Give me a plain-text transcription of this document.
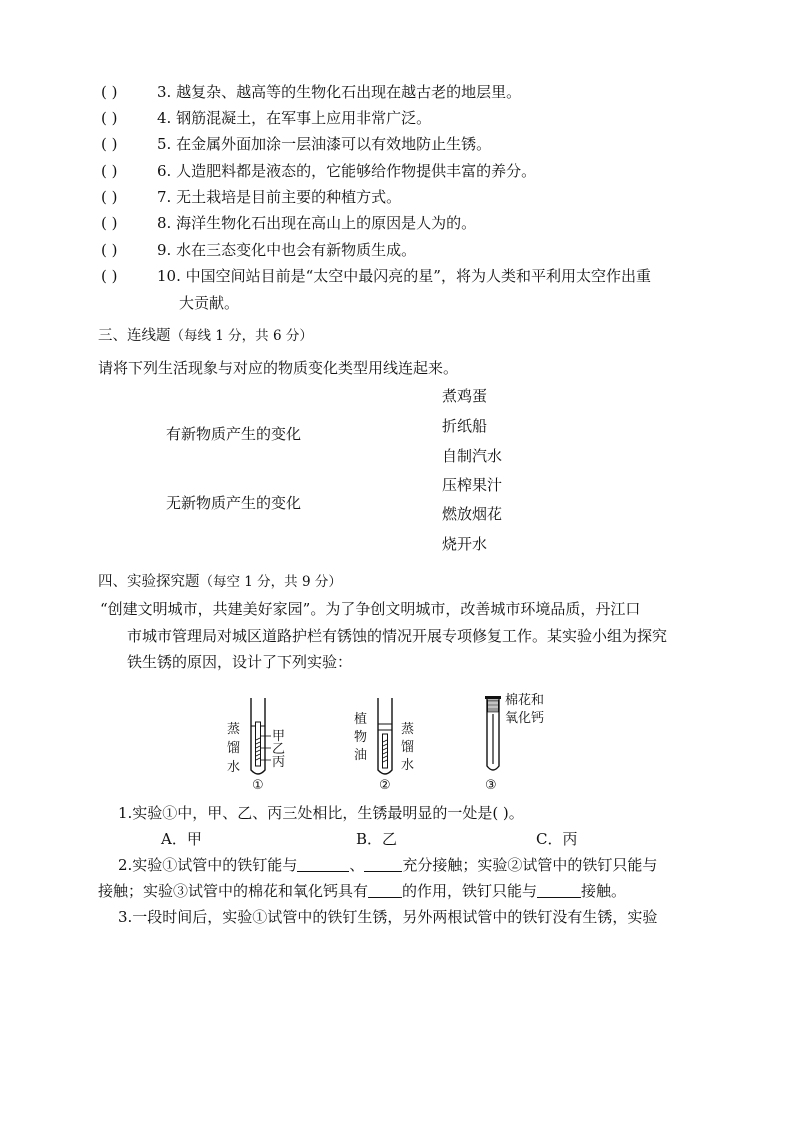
( )	3. 越复杂、越高等的生物化石出现在越古老的地层里。
( )	4. 钢筋混凝土，在军事上应用非常广泛。
( )	5. 在金属外面加涂一层油漆可以有效地防止生锈。
( )	6. 人造肥料都是液态的，它能够给作物提供丰富的养分。
( )	7. 无土栽培是目前主要的种植方式。
( )	8. 海洋生物化石出现在高山上的原因是人为的。
( )	9. 水在三态变化中也会有新物质生成。
( )	10. 中国空间站目前是“太空中最闪亮的星”，将为人类和平利用太空作出重
大贡献。
三、连线题（每线 1 分，共 6 分）
请将下列生活现象与对应的物质变化类型用线连起来。
有新物质产生的变化
无新物质产生的变化
煮鸡蛋
折纸船
自制汽水
压榨果汁
燃放烟花
烧开水
四、实验探究题（每空 1 分，共 9 分）
“创建文明城市，共建美好家园”。为了争创文明城市，改善城市环境品质，丹江口
市城市管理局对城区道路护栏有锈蚀的情况开展专项修复工作。某实验小组为探究
铁生锈的原因，设计了下列实验：
蒸
馏
水
甲
乙
丙
①
植
物
油
蒸
馏
水
②
棉花和
氧化钙
③
1.实验①中，甲、乙、丙三处相比，生锈最明显的一处是( )。
A．甲	B．乙	C．丙
2.实验①试管中的铁钉能与	、	充分接触；实验②试管中的铁钉只能与
接触；实验③试管中的棉花和氧化钙具有 的作用，铁钉只能与	接触。
3.一段时间后，实验①试管中的铁钉生锈，另外两根试管中的铁钉没有生锈，实验
